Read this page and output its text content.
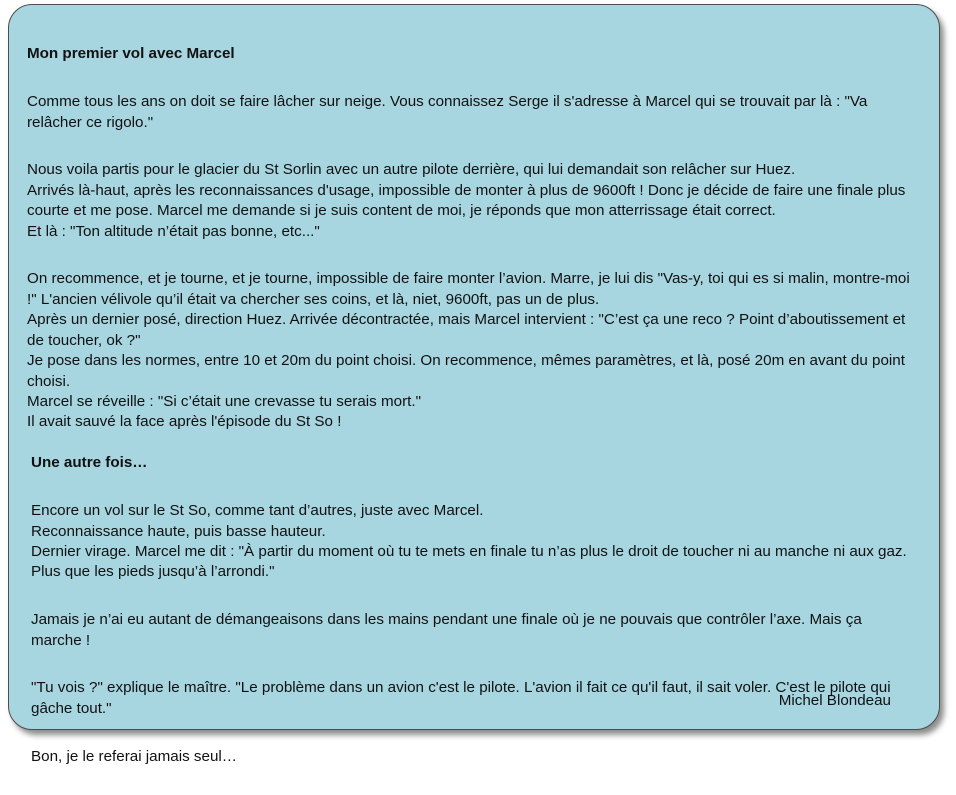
Mon premier vol avec Marcel

Comme tous les ans on doit se faire lâcher sur neige. Vous connaissez Serge il s'adresse à Marcel qui se trouvait par là : "Va relâcher ce rigolo."

Nous voila partis pour le glacier du St Sorlin avec un autre pilote derrière, qui lui demandait son relâcher sur Huez.
Arrivés là-haut, après les reconnaissances d'usage, impossible de monter à plus de 9600ft ! Donc je décide de faire une finale plus courte et me pose. Marcel me demande si je suis content de moi, je réponds que mon atterrissage était correct.
Et là : "Ton altitude n’était pas bonne, etc..."

On recommence, et je tourne, et je tourne, impossible de faire monter l’avion. Marre, je lui dis "Vas-y, toi qui es si malin, montre-moi !" L'ancien vélivole qu’il était va chercher ses coins, et là, niet, 9600ft, pas un de plus.
Après un dernier posé, direction Huez. Arrivée décontractée, mais Marcel intervient : "C’est ça une reco ? Point d’aboutissement et de toucher, ok ?"
Je pose dans les normes, entre 10 et 20m du point choisi. On recommence, mêmes paramètres, et là, posé 20m en avant du point choisi.
Marcel se réveille : "Si c’était une crevasse tu serais mort."
Il avait sauvé la face après l'épisode du St So !

Une autre fois…

Encore un vol sur le St So, comme tant d’autres, juste avec Marcel.
Reconnaissance haute, puis basse hauteur.
Dernier virage. Marcel me dit : "À partir du moment où tu te mets en finale tu n’as plus le droit de toucher ni au manche ni aux gaz. Plus que les pieds jusqu’à l’arrondi."

Jamais je n’ai eu autant de démangeaisons dans les mains pendant une finale où je ne pouvais que contrôler l’axe. Mais ça marche !

"Tu vois ?" explique le maître. "Le problème dans un avion c'est le pilote. L'avion il fait ce qu'il faut, il sait voler. C'est le pilote qui gâche tout."

Bon, je le referai jamais seul…

Michel Blondeau
